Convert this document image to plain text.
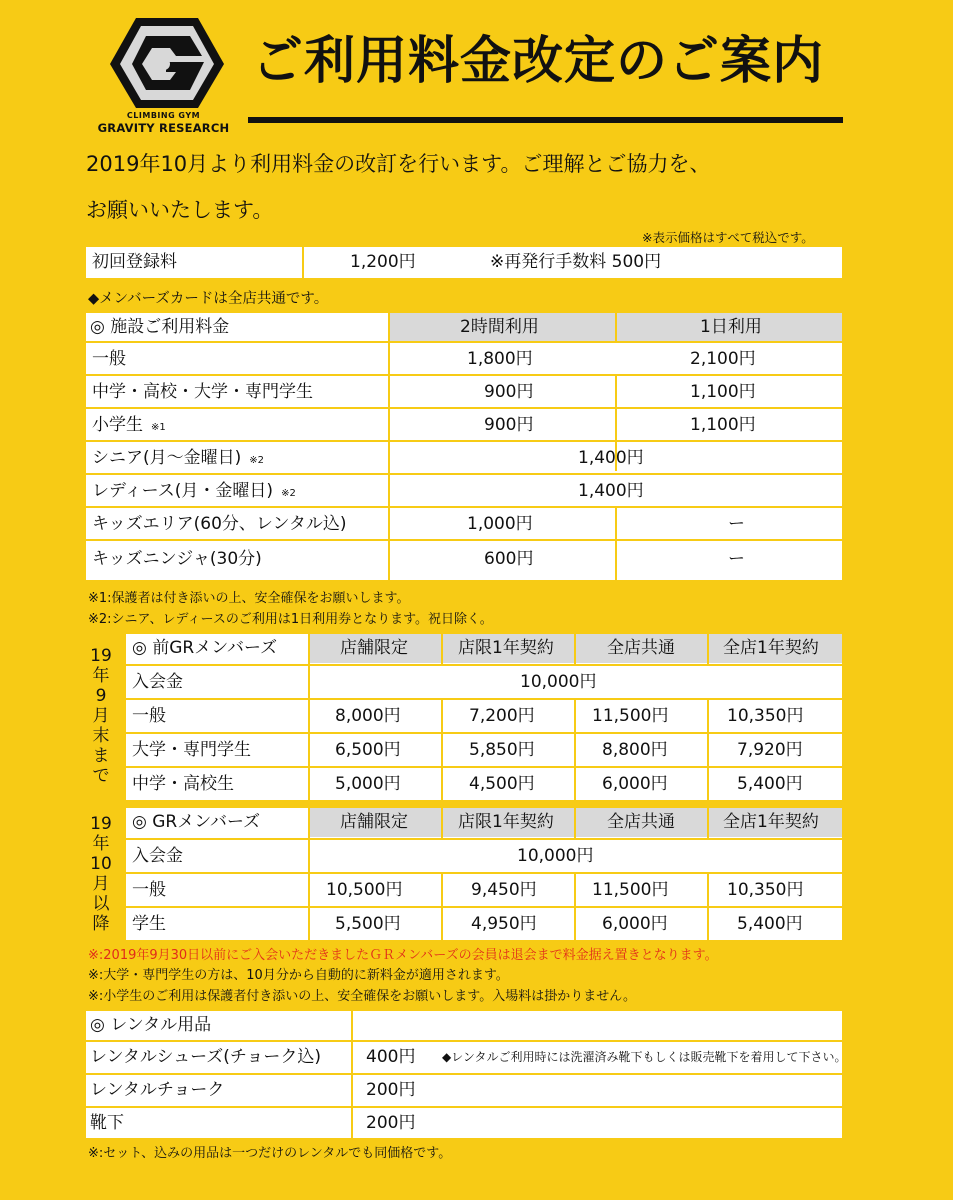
CLIMBING GYM
GRAVITY RESEARCH
ご利用料金改定のご案内
2019年10月より利用料金の改訂を行います。ご理解とご協力を、
お願いいたします。
※表示価格はすべて税込です。
初回登録料	1,200円	※再発行手数料 500円
◆メンバーズカードは全店共通です。
◎ 施設ご利用料金	2時間利用	1日利用
一般	1,800円	2,100円
中学・高校・大学・専門学生	900円	1,100円
小学生 ※1	900円	1,100円
シニア(月～金曜日) ※2	1,400円
レディース(月・金曜日) ※2	1,400円
キッズエリア(60分、レンタル込)	1,000円	ー
キッズニンジャ(30分)	600円	ー
※1:保護者は付き添いの上、安全確保をお願いします。
※2:シニア、レディースのご利用は1日利用券となります。祝日除く。
19
年
9
月
末
ま
で
◎ 前GRメンバーズ	店舗限定	店限1年契約	全店共通	全店1年契約
入会金	10,000円
一般	8,000円	7,200円	11,500円	10,350円
大学・専門学生	6,500円	5,850円	8,800円	7,920円
中学・高校生	5,000円	4,500円	6,000円	5,400円
19
年
10
月
以
降
◎ GRメンバーズ	店舗限定	店限1年契約	全店共通	全店1年契約
入会金	10,000円
一般	10,500円	9,450円	11,500円	10,350円
学生	5,500円	4,950円	6,000円	5,400円
※:2019年9月30日以前にご入会いただきましたＧＲメンバーズの会員は退会まで料金据え置きとなります。
※:大学・専門学生の方は、10月分から自動的に新料金が適用されます。
※:小学生のご利用は保護者付き添いの上、安全確保をお願いします。入場料は掛かりません。
◎ レンタル用品
レンタルシューズ(チョーク込)	400円 ◆レンタルご利用時には洗濯済み靴下もしくは販売靴下を着用して下さい。
レンタルチョーク	200円
靴下	200円
※:セット、込みの用品は一つだけのレンタルでも同価格です。
